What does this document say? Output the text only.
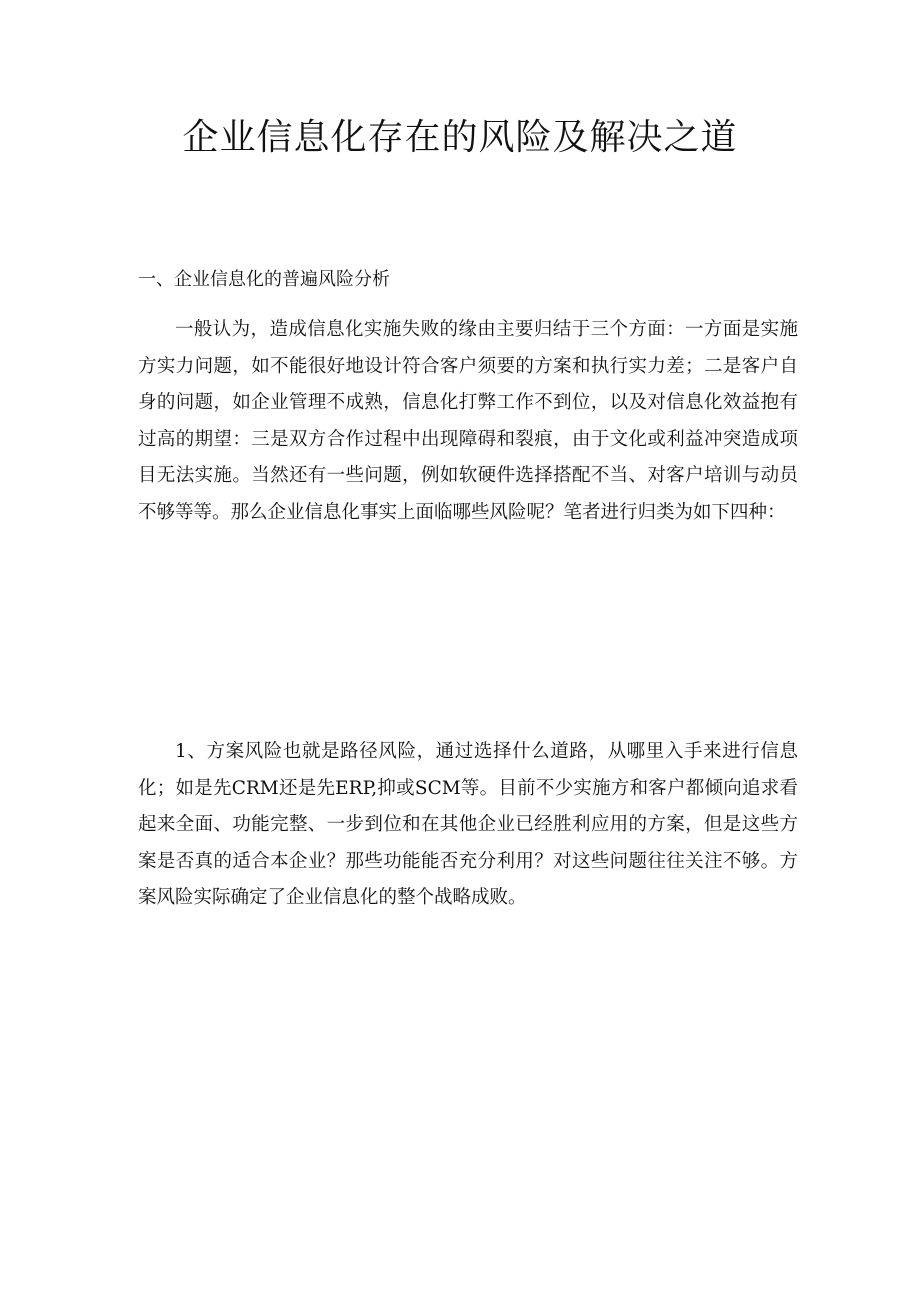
企业信息化存在的风险及解决之道
一、企业信息化的普遍风险分析

一般认为，造成信息化实施失败的缘由主要归结于三个方面：一方面是实施方实力问题，如不能很好地设计符合客户须要的方案和执行实力差；二是客户自身的问题，如企业管理不成熟，信息化打弊工作不到位，以及对信息化效益抱有过高的期望：三是双方合作过程中出现障碍和裂痕，由于文化或利益冲突造成项目无法实施。当然还有一些问题，例如软硬件选择搭配不当、对客户培训与动员不够等等。那么企业信息化事实上面临哪些风险呢？笔者进行归类为如下四种：

1、方案风险也就是路径风险，通过选择什么道路，从哪里入手来进行信息化；如是先CRM还是先ERP,抑或SCM等。目前不少实施方和客户都倾向追求看起来全面、功能完整、一步到位和在其他企业已经胜利应用的方案，但是这些方案是否真的适合本企业？那些功能能否充分利用？对这些问题往往关注不够。方案风险实际确定了企业信息化的整个战略成败。
